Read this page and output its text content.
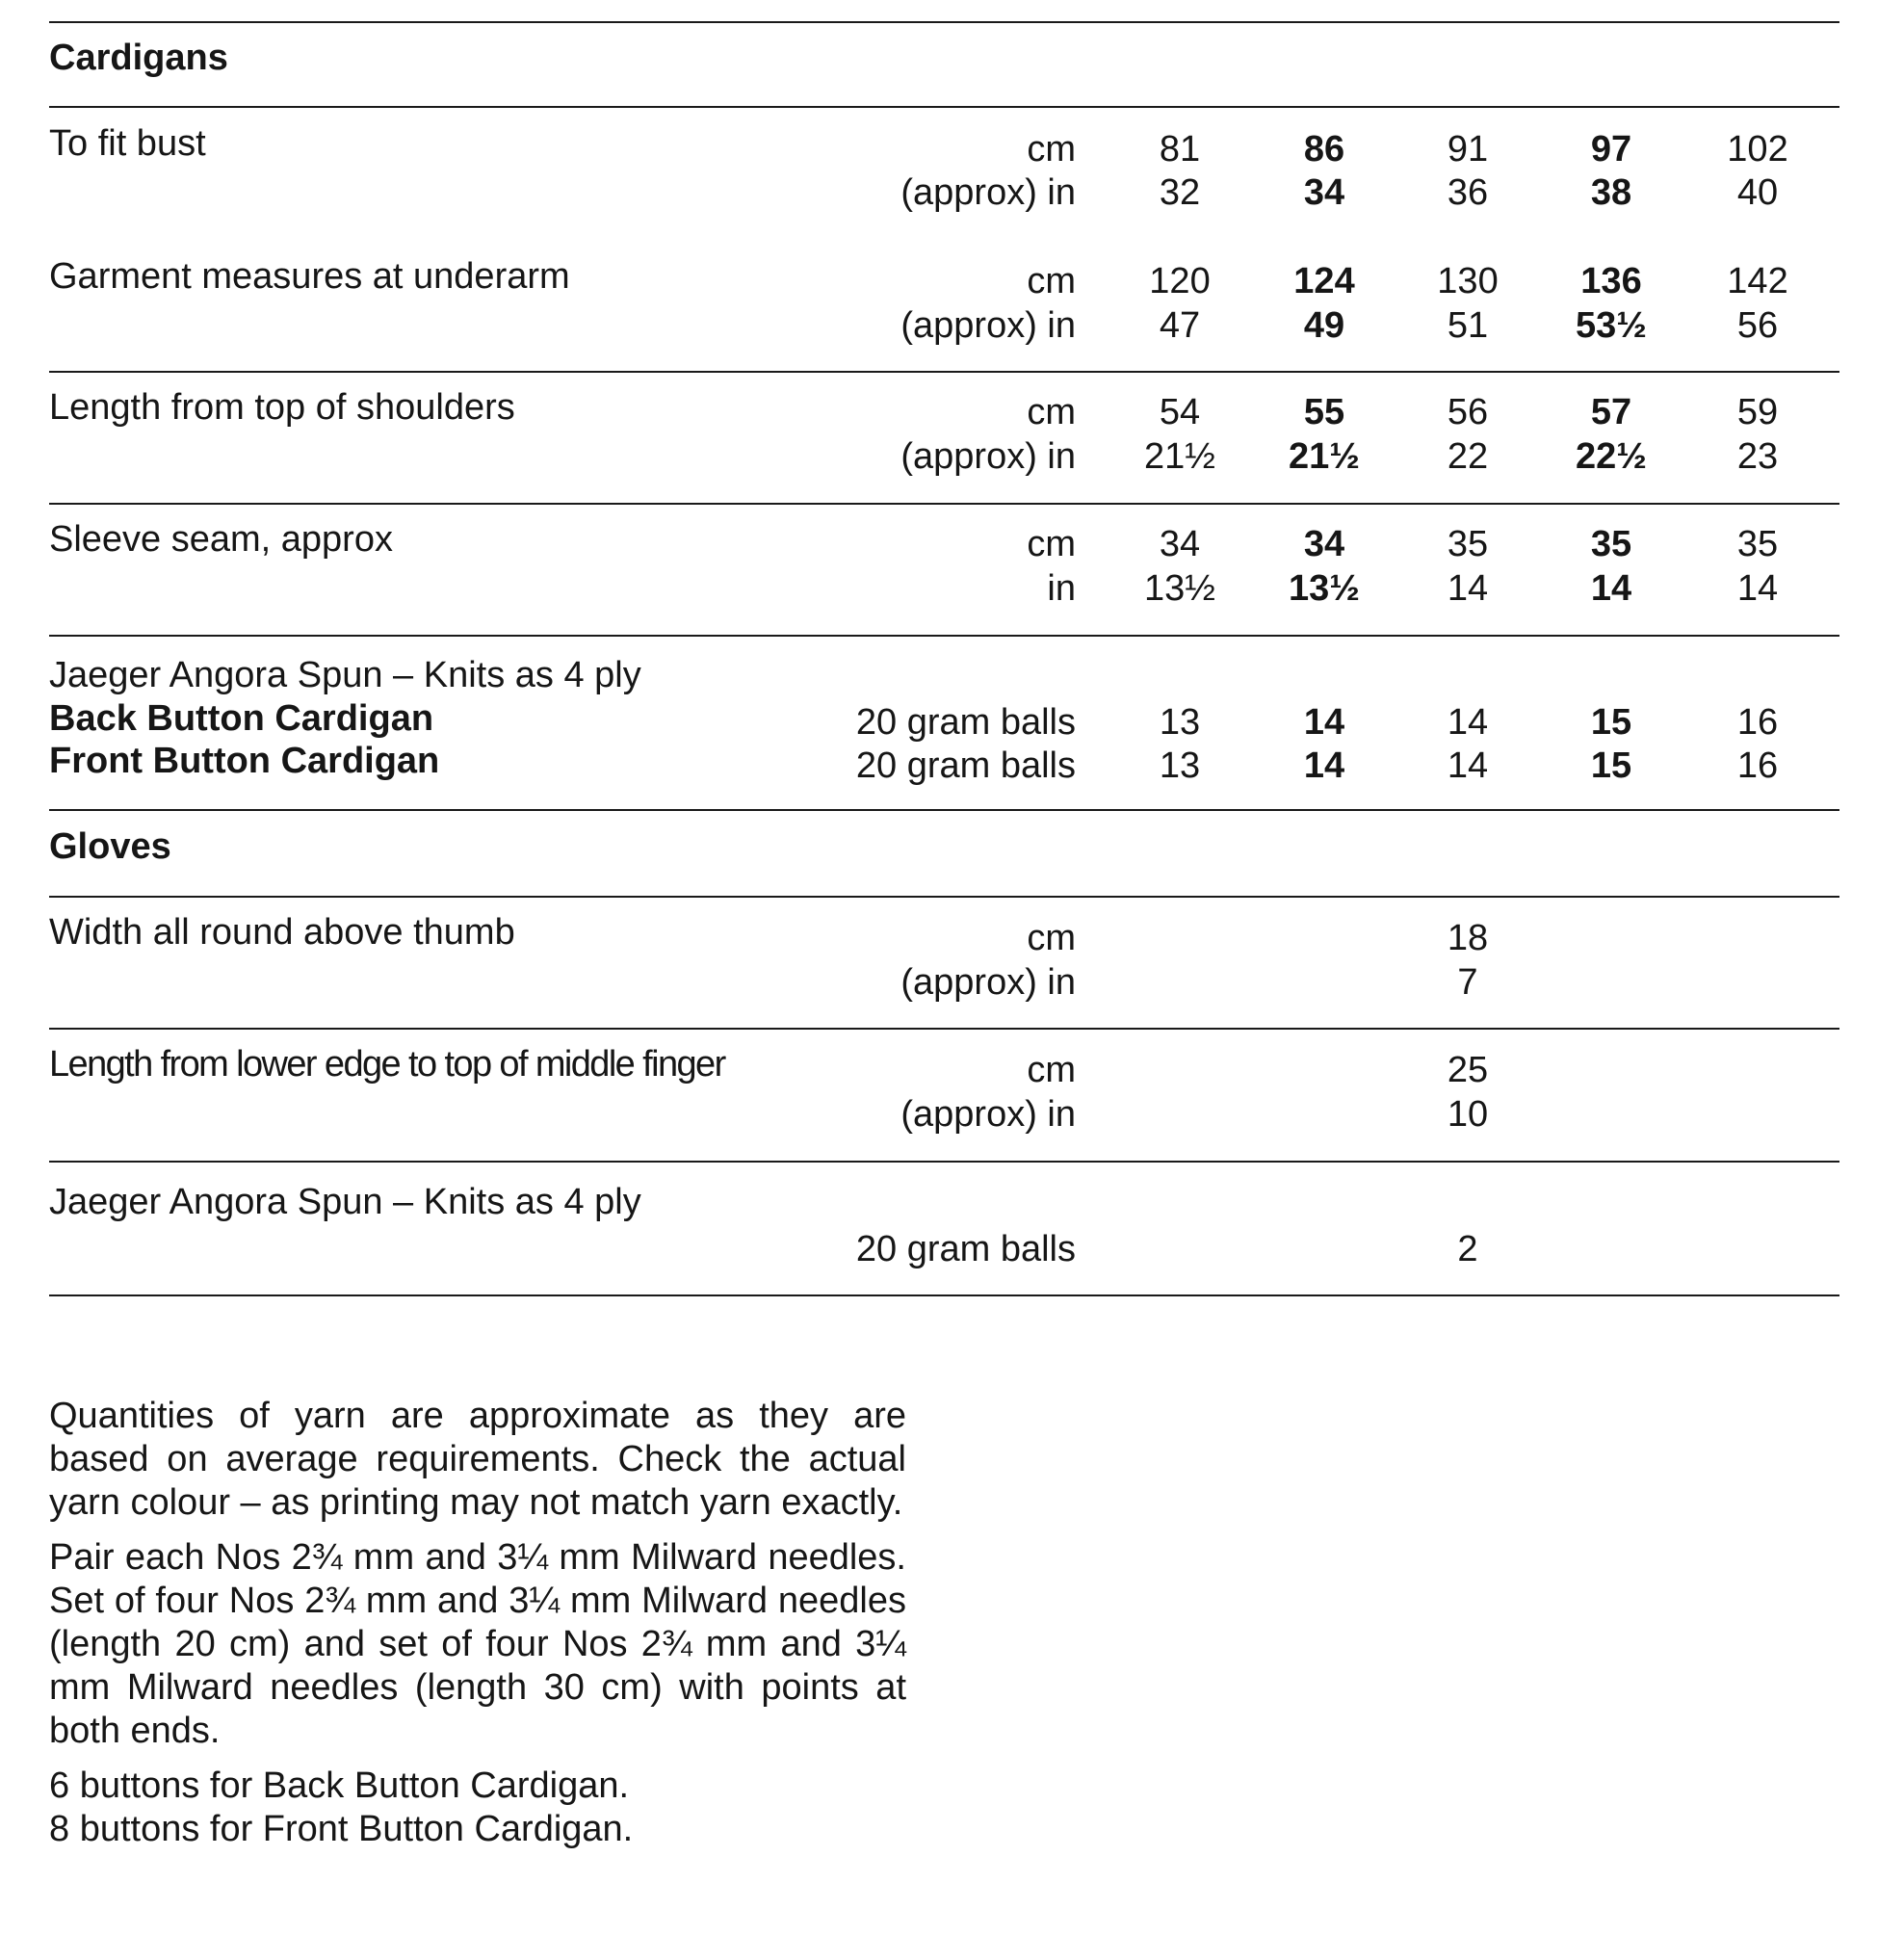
Cardigans
To fit bust	cm	81	86	91	97	102
(approx) in	32	34	36	38	40
Garment measures at underarm	cm	120	124	130	136	142
(approx) in	47	49	51	53½	56
Length from top of shoulders	cm	54	55	56	57	59
(approx) in	21½	21½	22	22½	23
Sleeve seam, approx	cm	34	34	35	35	35
in	13½	13½	14	14	14
Jaeger Angora Spun – Knits as 4 ply
Back Button Cardigan	20 gram balls	13	14	14	15	16
Front Button Cardigan	20 gram balls	13	14	14	15	16
Gloves
Width all round above thumb	cm	18
(approx) in	7
Length from lower edge to top of middle finger	cm	25
(approx) in	10
Jaeger Angora Spun – Knits as 4 ply
20 gram balls	2

Quantities of yarn are approximate as they are based on average requirements. Check the actual yarn colour – as printing may not match yarn exactly.

Pair each Nos 2¾ mm and 3¼ mm Milward needles. Set of four Nos 2¾ mm and 3¼ mm Milward needles (length 20 cm) and set of four Nos 2¾ mm and 3¼ mm Milward needles (length 30 cm) with points at both ends.

6 buttons for Back Button Cardigan.

8 buttons for Front Button Cardigan.
